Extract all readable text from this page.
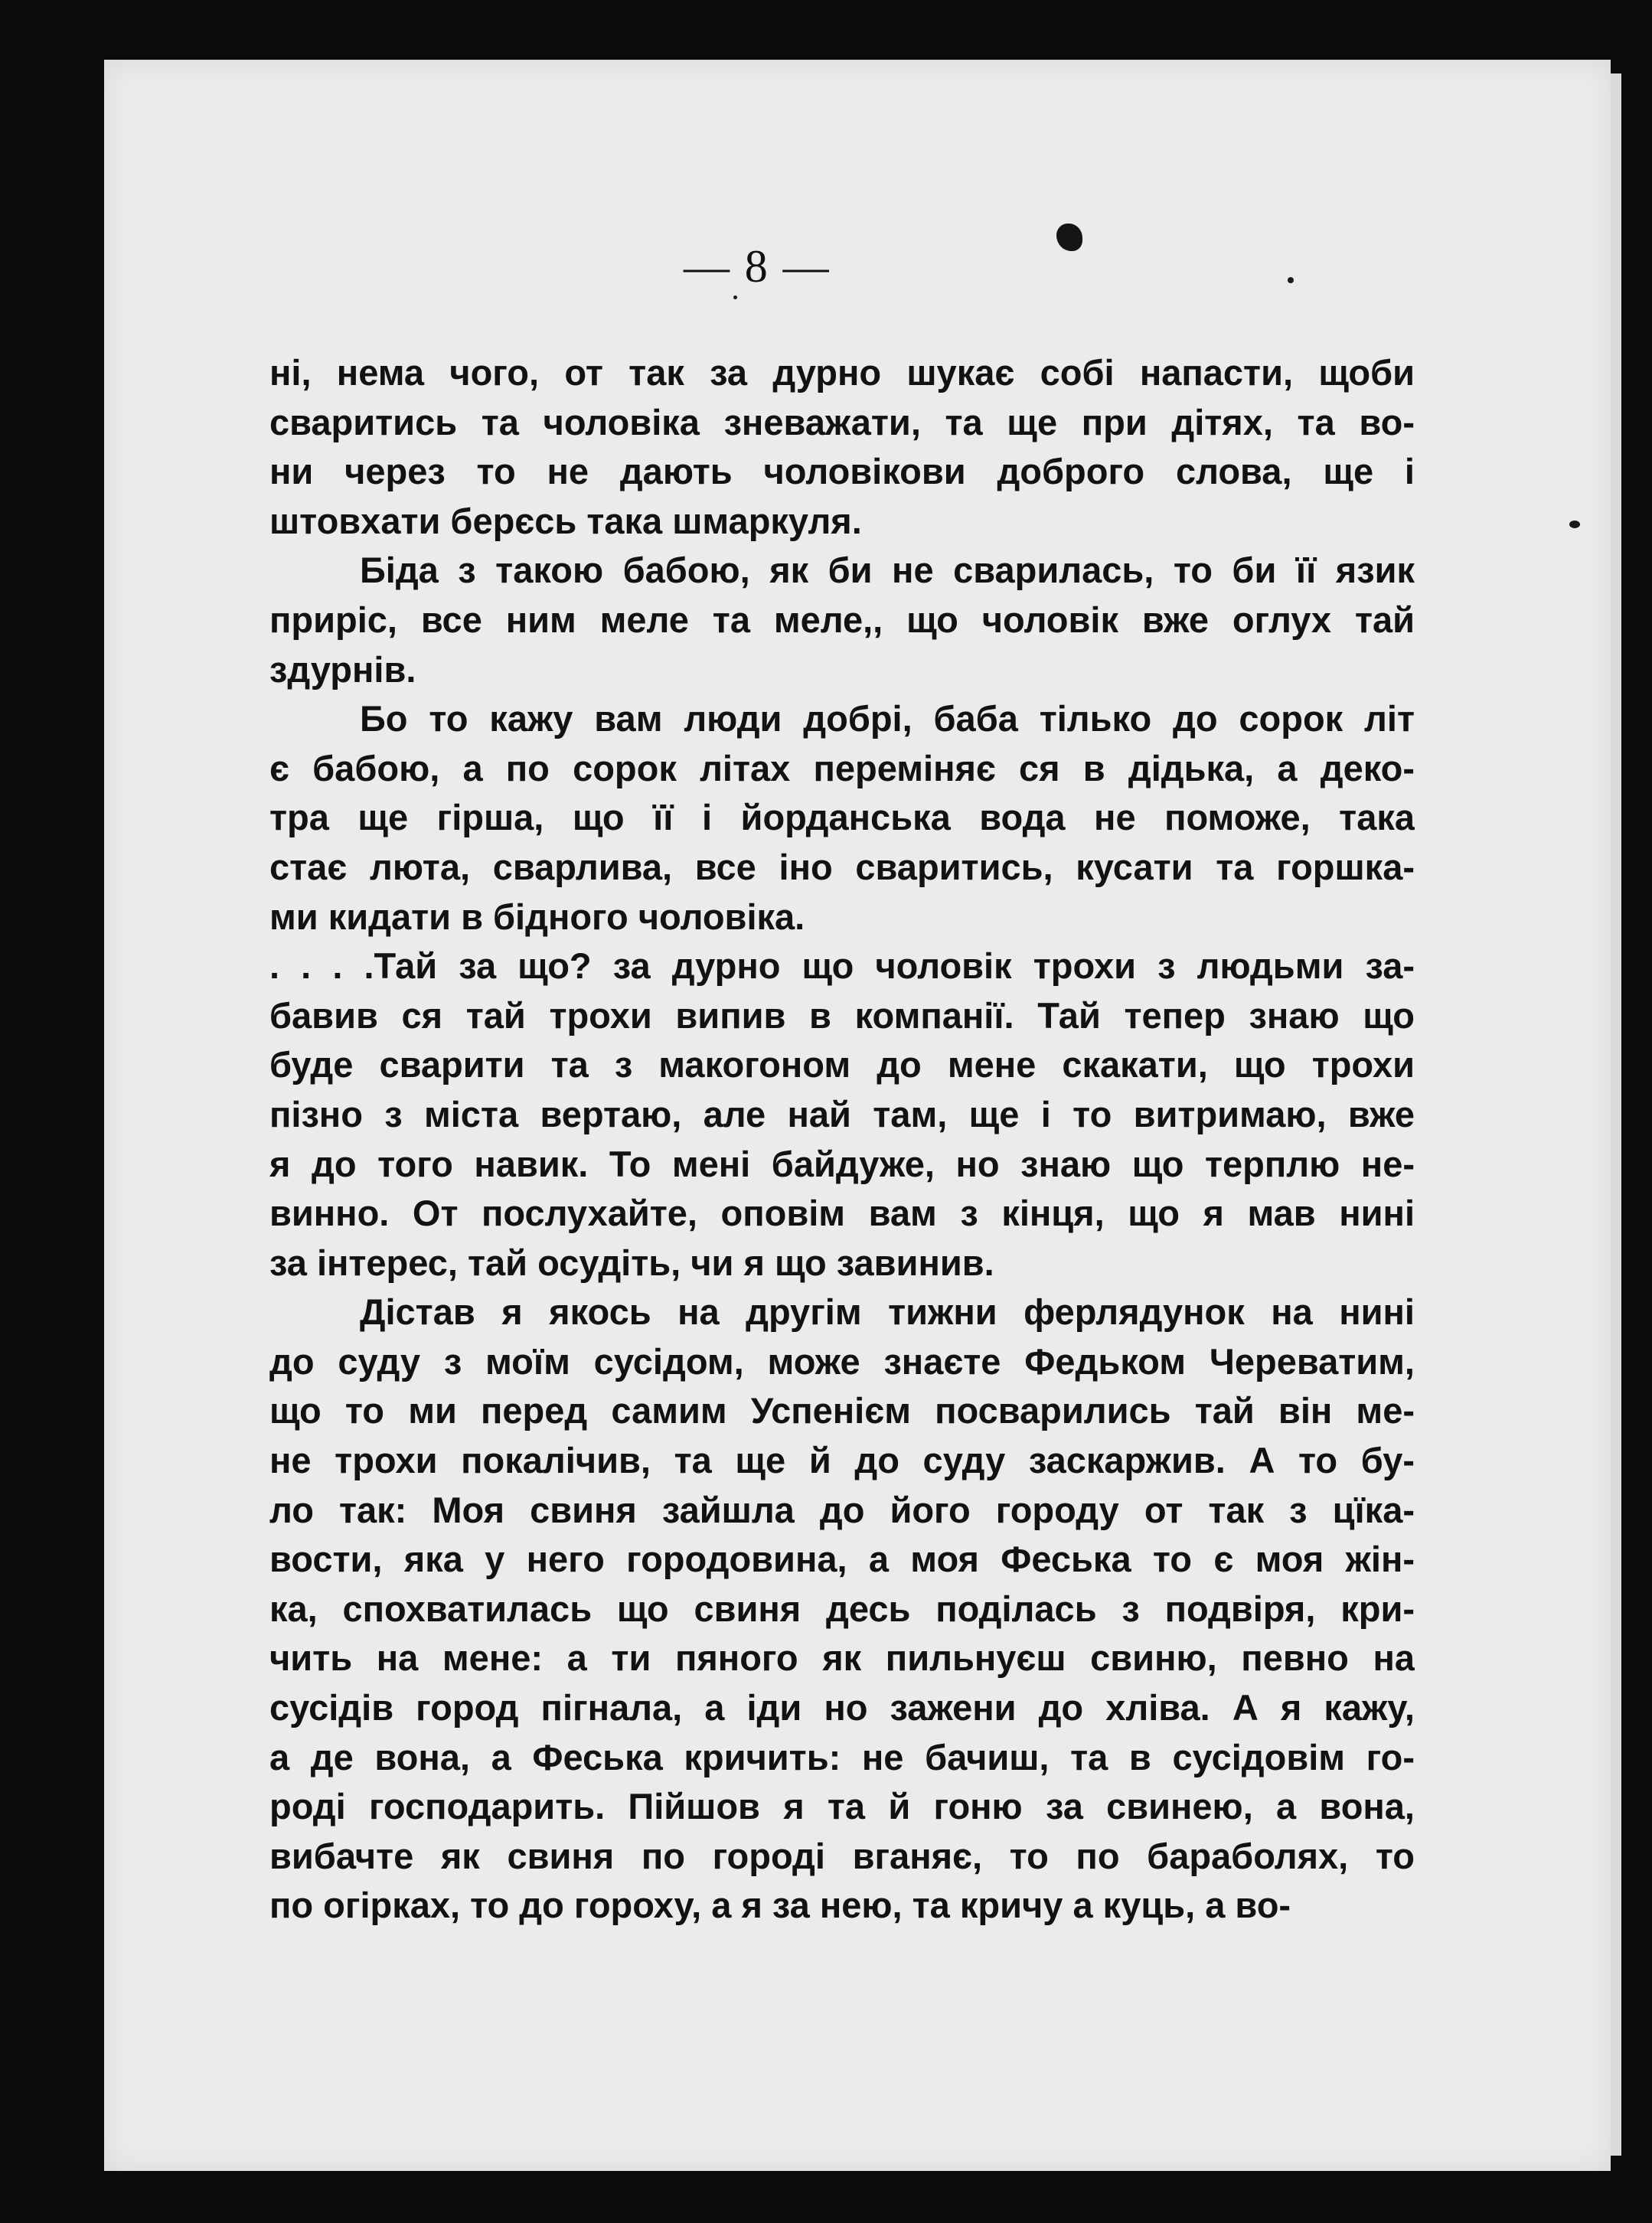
— 8 —
ні, нема чого, от так за дурно шукає собі напасти, щоби
сваритись та чоловіка зневажати, та ще при дітях, та во-
ни через то не дають чоловікови доброго слова, ще і
штовхати берєсь така шмаркуля.
Біда з такою бабою, як би не сварилась, то би її язик
приріс, все ним меле та меле,, що чоловік вже оглух тай
здурнів.
Бо то кажу вам люди добрі, баба тілько до сорок літ
є бабою, а по сорок літах переміняє ся в дідька, а деко-
тра ще гірша, що її і йорданська вода не поможе, така
стає люта, сварлива, все іно сваритись, кусати та горшка-
ми кидати в бідного чоловіка.
. . . .Тай за що? за дурно що чоловік трохи з людьми за-
бавив ся тай трохи випив в компанії. Тай тепер знаю що
буде сварити та з макогоном до мене скакати, що трохи
пізно з міста вертаю, але най там, ще і то витримаю, вже
я до того навик. То мені байдуже, но знаю що терплю не-
винно. От послухайте, оповім вам з кінця, що я мав нині
за інтерес, тай осудіть, чи я що завинив.
Дістав я якось на другім тижни ферлядунок на нині
до суду з моїм сусідом, може знаєте Федьком Череватим,
що то ми перед самим Успенієм посварились тай він ме-
не трохи покалічив, та ще й до суду заскаржив. А то бу-
ло так: Моя свиня зайшла до його городу от так з цїка-
вости, яка у него городовина, а моя Феська то є моя жін-
ка, спохватилась що свиня десь поділась з подвіря, кри-
чить на мене: а ти пяного як пильнуєш свиню, певно на
сусідів город пігнала, а іди но зажени до хліва. А я кажу,
а де вона, а Феська кричить: не бачиш, та в сусідовім го-
роді господарить. Пійшов я та й гоню за свинею, а вона,
вибачте як свиня по городі вганяє, то по бараболях, то
по огірках, то до гороху, а я за нею, та кричу а куць, а во-
